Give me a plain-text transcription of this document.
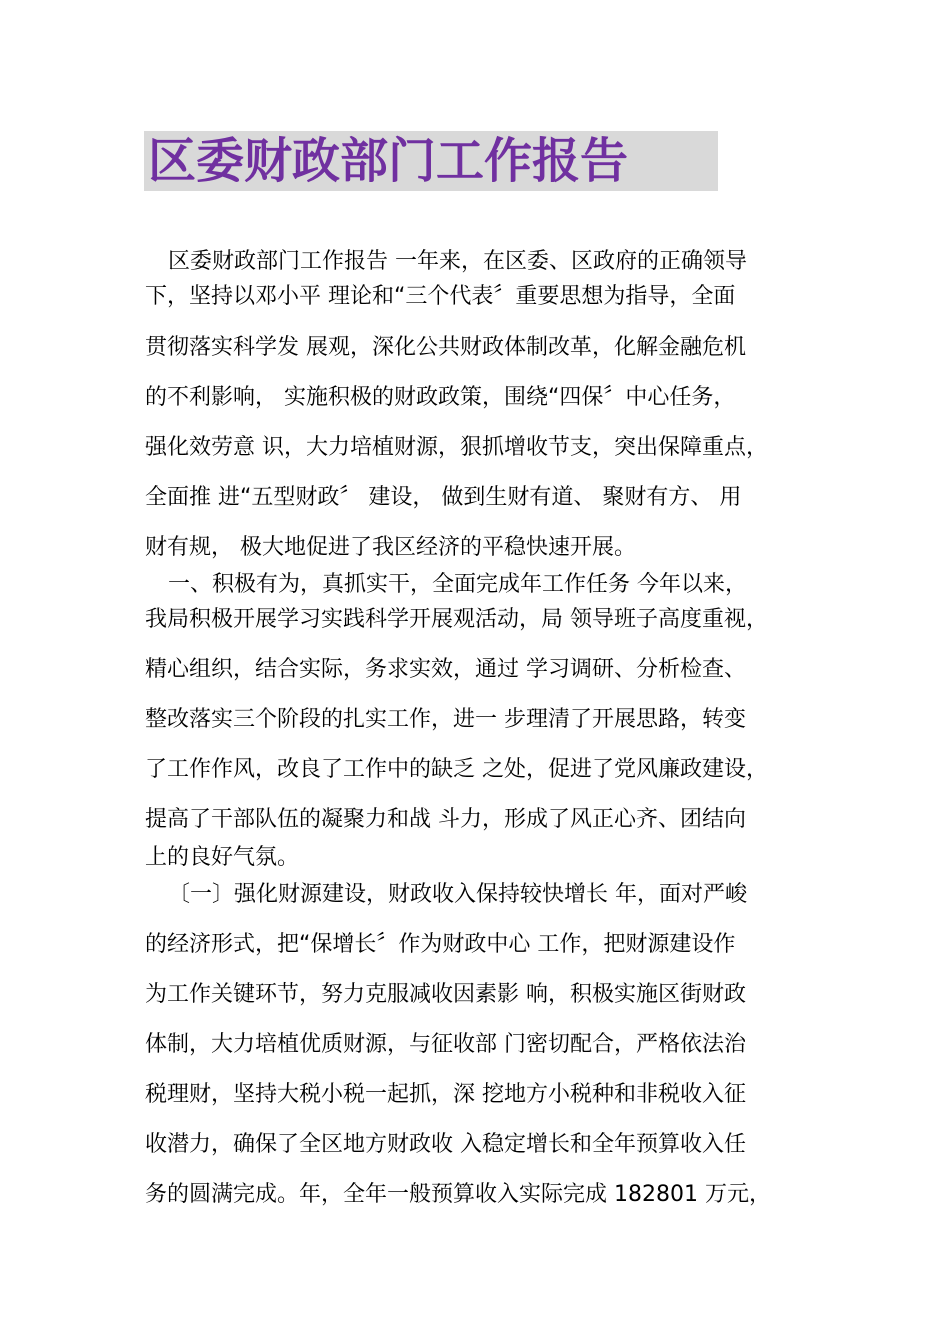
区委财政部门工作报告
区委财政部门工作报告 一年来，在区委、区政府的正确领导
下，坚持以邓小平 理论和“三个代表〞重要思想为指导，全面
贯彻落实科学发 展观，深化公共财政体制改革，化解金融危机
的不利影响， 实施积极的财政政策，围绕“四保〞中心任务，
强化效劳意 识，大力培植财源，狠抓增收节支，突出保障重点，
全面推 进“五型财政〞 建设， 做到生财有道、 聚财有方、 用
财有规， 极大地促进了我区经济的平稳快速开展。
一、积极有为，真抓实干，全面完成年工作任务 今年以来，
我局积极开展学习实践科学开展观活动，局 领导班子高度重视，
精心组织，结合实际，务求实效，通过 学习调研、分析检查、
整改落实三个阶段的扎实工作，进一 步理清了开展思路，转变
了工作作风，改良了工作中的缺乏 之处，促进了党风廉政建设，
提高了干部队伍的凝聚力和战 斗力，形成了风正心齐、团结向
上的良好气氛。
〔一〕强化财源建设，财政收入保持较快增长 年，面对严峻
的经济形式，把“保增长〞作为财政中心 工作，把财源建设作
为工作关键环节，努力克服减收因素影 响，积极实施区街财政
体制，大力培植优质财源，与征收部 门密切配合，严格依法治
税理财，坚持大税小税一起抓，深 挖地方小税种和非税收入征
收潜力，确保了全区地方财政收 入稳定增长和全年预算收入任
务的圆满完成。年，全年一般预算收入实际完成 182801 万元，
